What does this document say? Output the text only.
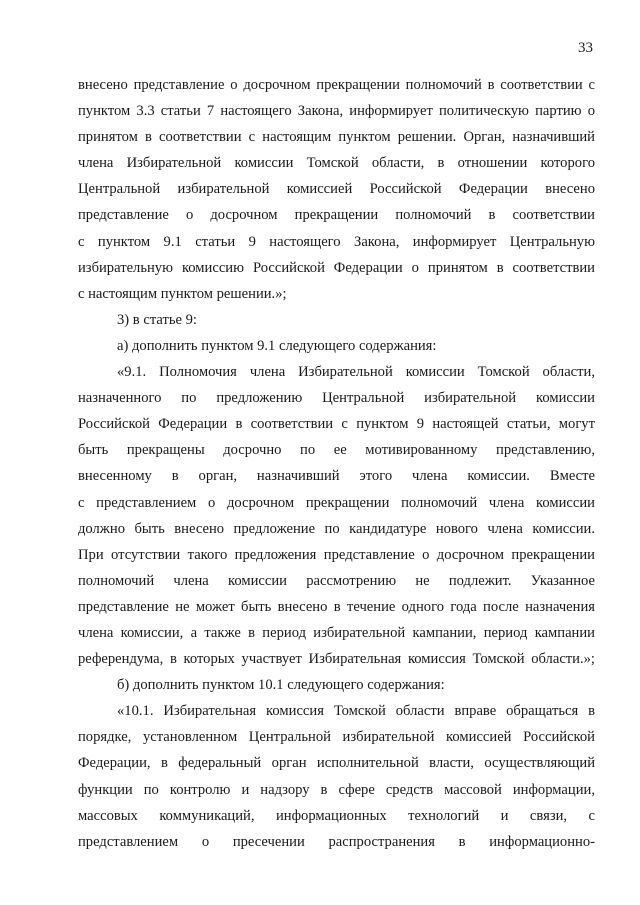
33
внесено представление о досрочном прекращении полномочий в соответствии с
пунктом 3.3 статьи 7 настоящего Закона, информирует политическую партию о
принятом в соответствии с настоящим пунктом решении. Орган, назначивший
члена Избирательной комиссии Томской области, в отношении которого
Центральной избирательной комиссией Российской Федерации внесено
представление о досрочном прекращении полномочий в соответствии
с пунктом 9.1 статьи 9 настоящего Закона, информирует Центральную
избирательную комиссию Российской Федерации о принятом в соответствии
с настоящим пунктом решении.»;
3) в статье 9:
а) дополнить пунктом 9.1 следующего содержания:
«9.1. Полномочия члена Избирательной комиссии Томской области,
назначенного по предложению Центральной избирательной комиссии
Российской Федерации в соответствии с пунктом 9 настоящей статьи, могут
быть прекращены досрочно по ее мотивированному представлению,
внесенному в орган, назначивший этого члена комиссии. Вместе
с представлением о досрочном прекращении полномочий члена комиссии
должно быть внесено предложение по кандидатуре нового члена комиссии.
При отсутствии такого предложения представление о досрочном прекращении
полномочий члена комиссии рассмотрению не подлежит. Указанное
представление не может быть внесено в течение одного года после назначения
члена комиссии, а также в период избирательной кампании, период кампании
референдума, в которых участвует Избирательная комиссия Томской области.»;
б) дополнить пунктом 10.1 следующего содержания:
«10.1. Избирательная комиссия Томской области вправе обращаться в
порядке, установленном Центральной избирательной комиссией Российской
Федерации, в федеральный орган исполнительной власти, осуществляющий
функции по контролю и надзору в сфере средств массовой информации,
массовых коммуникаций, информационных технологий и связи, с
представлением о пресечении распространения в информационно-
